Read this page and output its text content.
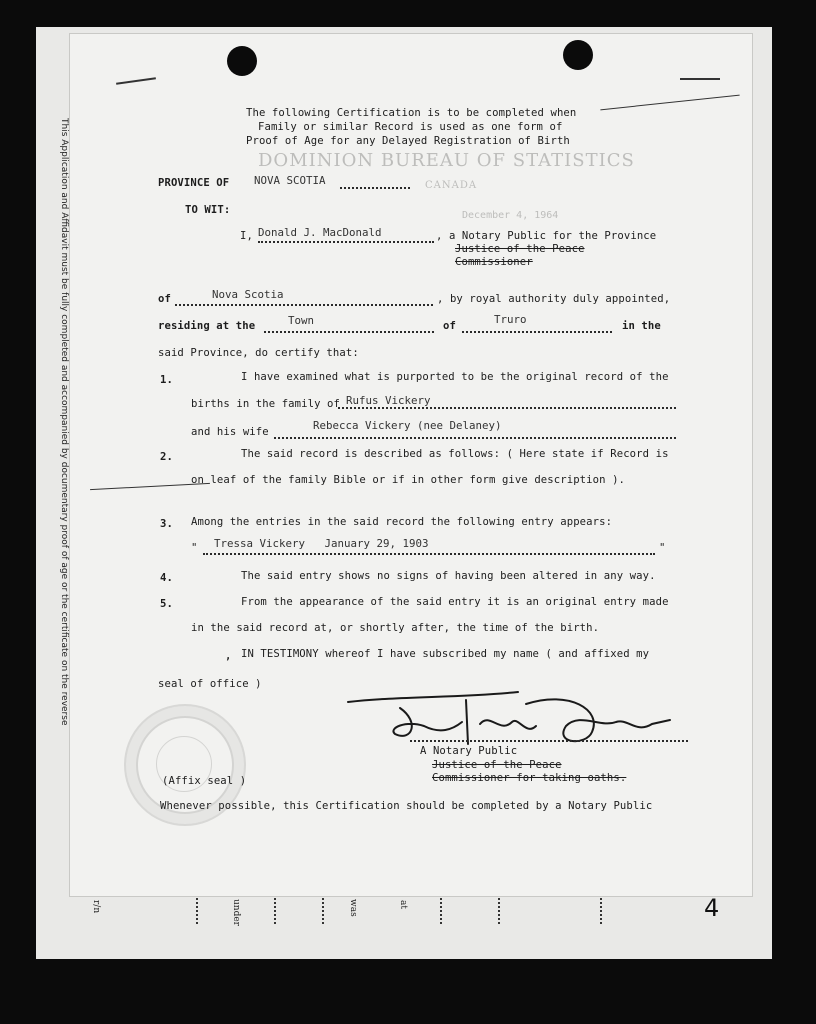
This Application and Affidavit must be fully completed and accompanied by documentary proof of age or the certificate on the reverse	DOMINION BUREAU OF STATISTICS
CANADA
December 4, 1964
The following Certification is to be completed when
Family or similar Record is used as one form of
Proof of Age for any Delayed Registration of Birth
PROVINCE OF NOVA SCOTIA
TO WIT:
I, Donald J. MacDonald	, a Notary Public for the Province
Justice of the Peace
Commissioner
of	Nova Scotia	, by royal authority duly appointed,
residing at the	Town	of	Truro	in the
said Province, do certify that:
1.	I have examined what is purported to be the original record of the
births in the family of Rufus Vickery
and his wife	Rebecca Vickery (nee Delaney)
2.	The said record is described as follows: ( Here state if Record is
on leaf of the family Bible or if in other form give description ).
3. Among the entries in the said record the following entry appears:
" Tressa Vickery   January 29, 1903	"
4.	The said entry shows no signs of having been altered in any way.
5.	From the appearance of the said entry it is an original entry made
in the said record at, or shortly after, the time of the birth.
‚ IN TESTIMONY whereof I have subscribed my name ( and affixed my
seal of office )
A Notary Public
Justice of the Peace
Commissioner for taking oaths.
(Affix seal )
Whenever possible, this Certification should be completed by a Notary Public
under	was	at
r/n	4
